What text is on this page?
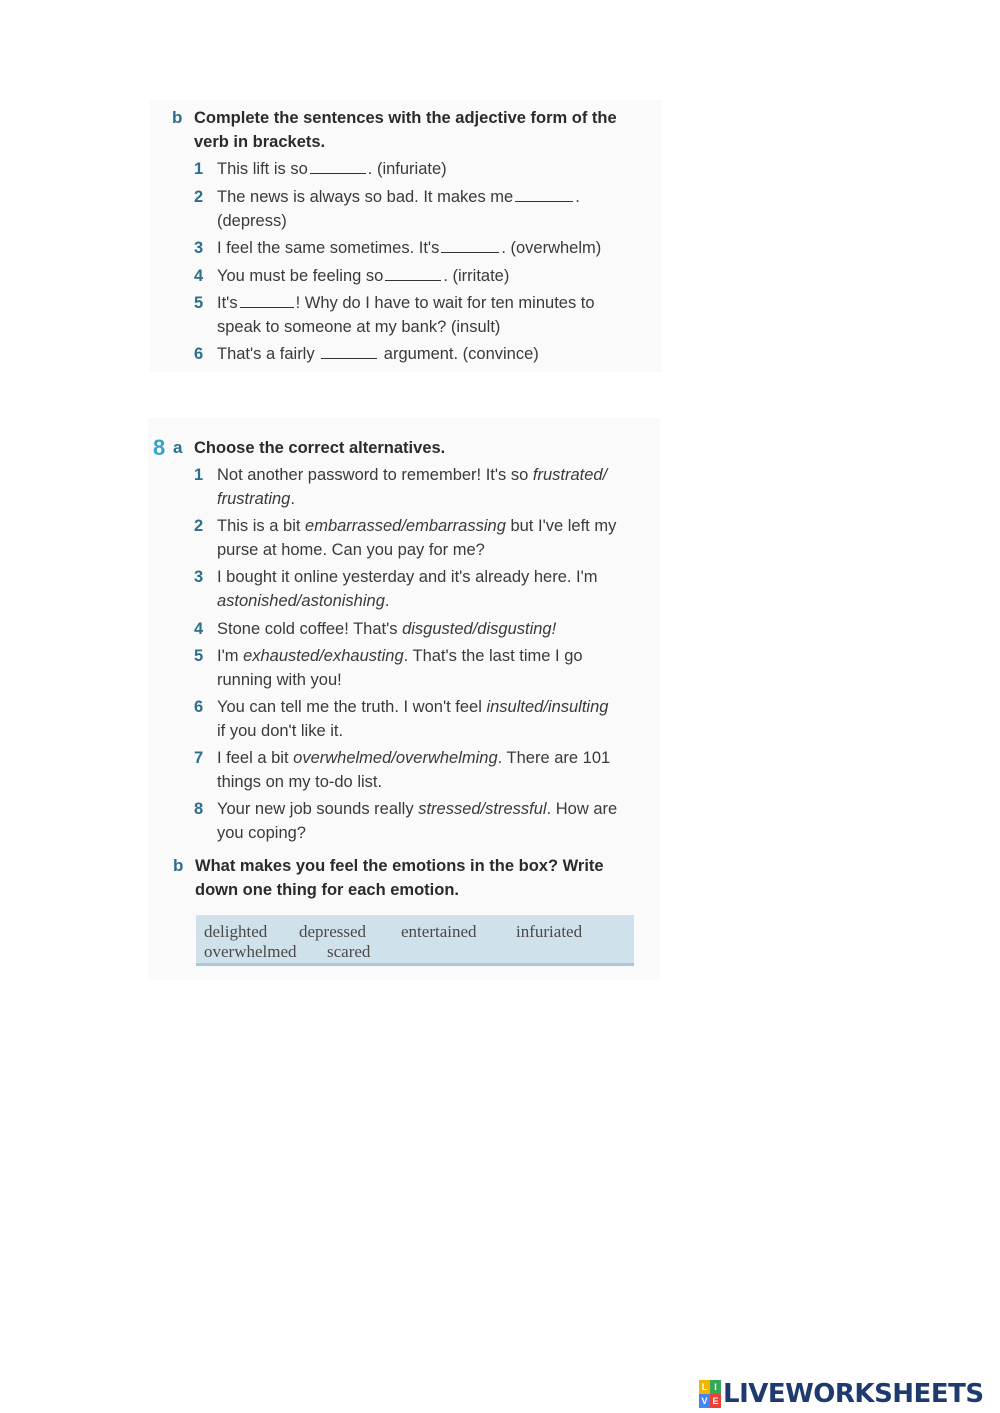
b Complete the sentences with the adjective form of the
verb in brackets.
1 This lift is so	. (infuriate)
2 The news is always so bad. It makes me	.
(depress)
3 I feel the same sometimes. It's	. (overwhelm)
4 You must be feeling so	. (irritate)
5 It's	! Why do I have to wait for ten minutes to
speak to someone at my bank? (insult)
6 That's a fairly	argument. (convince)
8 a Choose the correct alternatives.
1 Not another password to remember! It's so frustrated/
frustrating.
2 This is a bit embarrassed/embarrassing but I've left my
purse at home. Can you pay for me?
3 I bought it online yesterday and it's already here. I'm
astonished/astonishing.
4 Stone cold coffee! That's disgusted/disgusting!
5 I'm exhausted/exhausting. That's the last time I go
running with you!
6 You can tell me the truth. I won't feel insulted/insulting
if you don't like it.
7 I feel a bit overwhelmed/overwhelming. There are 101
things on my to-do list.
8 Your new job sounds really stressed/stressful. How are
you coping?
b What makes you feel the emotions in the box? Write
down one thing for each emotion.
delighted depressed entertained infuriated
overwhelmed scared
L I
V E LIVEWORKSHEETS
